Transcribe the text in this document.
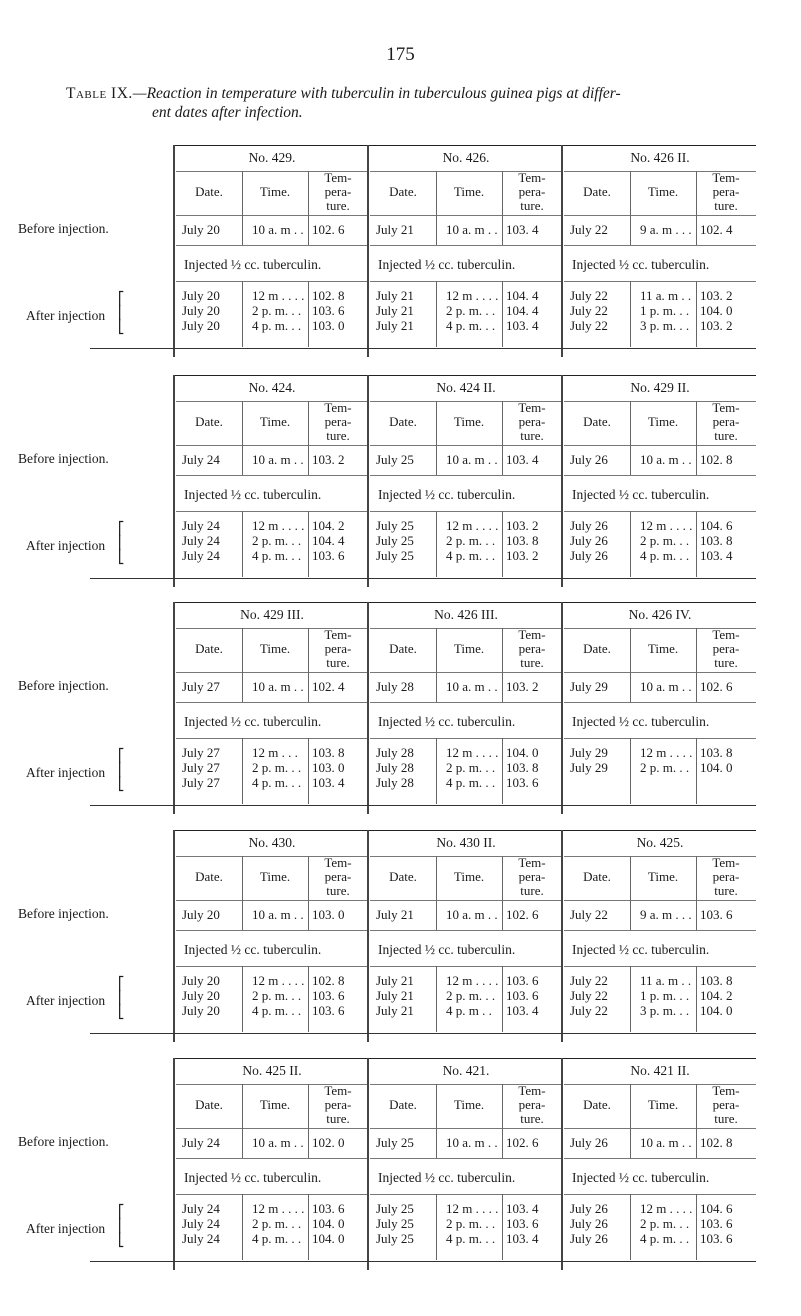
175
Table IX.—Reaction in temperature with tuberculin in tuberculous guinea pigs at differ-
ent dates after infection.
Before injection.
After injection
⎡
⎢
⎣
No. 429.
Date.	Time.
Tem-
pera-
ture.
July 20 10 a. m . . 102. 6
Injected ½ cc. tuberculin.
July 20 12 m . . . . 102. 8
July 20 2 p. m. . . 103. 6
July 20 4 p. m. . . 103. 0
No. 426.
Date.	Time.
Tem-
pera-
ture.
July 21 10 a. m . . 103. 4
Injected ½ cc. tuberculin.
July 21 12 m . . . . 104. 4
July 21 2 p. m. . . 104. 4
July 21 4 p. m. . . 103. 4
No. 426 II.
Date.	Time.
Tem-
pera-
ture.
July 22 9 a. m . . . 102. 4
Injected ½ cc. tuberculin.
July 22 11 a. m . . 103. 2
July 22 1 p. m. . . 104. 0
July 22 3 p. m. . . 103. 2
Before injection.
After injection
⎡
⎢
⎣
No. 424.
Date.	Time.
Tem-
pera-
ture.
July 24 10 a. m . . 103. 2
Injected ½ cc. tuberculin.
July 24 12 m . . . . 104. 2
July 24 2 p. m. . . 104. 4
July 24 4 p. m. . . 103. 6
No. 424 II.
Date.	Time.
Tem-
pera-
ture.
July 25 10 a. m . . 103. 4
Injected ½ cc. tuberculin.
July 25 12 m . . . . 103. 2
July 25 2 p. m. . . 103. 8
July 25 4 p. m. . . 103. 2
No. 429 II.
Date.	Time.
Tem-
pera-
ture.
July 26 10 a. m . . 102. 8
Injected ½ cc. tuberculin.
July 26 12 m . . . . 104. 6
July 26 2 p. m. . . 103. 8
July 26 4 p. m. . . 103. 4
Before injection.
After injection
⎡
⎢
⎣
No. 429 III.
Date.	Time.
Tem-
pera-
ture.
July 27 10 a. m . . 102. 4
Injected ½ cc. tuberculin.
July 27 12 m . . . 103. 8
July 27 2 p. m. . . 103. 0
July 27 4 p. m. . . 103. 4
No. 426 III.
Date.	Time.
Tem-
pera-
ture.
July 28 10 a. m . . 103. 2
Injected ½ cc. tuberculin.
July 28 12 m . . . . 104. 0
July 28 2 p. m. . . 103. 8
July 28 4 p. m. . . 103. 6
No. 426 IV.
Date.	Time.
Tem-
pera-
ture.
July 29 10 a. m . . 102. 6
Injected ½ cc. tuberculin.
July 29 12 m . . . . 103. 8
July 29 2 p. m. . . 104. 0
Before injection.
After injection
⎡
⎢
⎣
No. 430.
Date.	Time.
Tem-
pera-
ture.
July 20 10 a. m . . 103. 0
Injected ½ cc. tuberculin.
July 20 12 m . . . . 102. 8
July 20 2 p. m. . . 103. 6
July 20 4 p. m. . . 103. 6
No. 430 II.
Date.	Time.
Tem-
pera-
ture.
July 21 10 a. m . . 102. 6
Injected ½ cc. tuberculin.
July 21 12 m . . . . 103. 6
July 21 2 p. m. . . 103. 6
July 21 4 p. m . . 103. 4
No. 425.
Date.	Time.
Tem-
pera-
ture.
July 22 9 a. m . . . 103. 6
Injected ½ cc. tuberculin.
July 22 11 a. m . . 103. 8
July 22 1 p. m. . . 104. 2
July 22 3 p. m. . . 104. 0
Before injection.
After injection
⎡
⎢
⎣
No. 425 II.
Date.	Time.
Tem-
pera-
ture.
July 24 10 a. m . . 102. 0
Injected ½ cc. tuberculin.
July 24 12 m . . . . 103. 6
July 24 2 p. m. . . 104. 0
July 24 4 p. m. . . 104. 0
No. 421.
Date.	Time.
Tem-
pera-
ture.
July 25 10 a. m . . 102. 6
Injected ½ cc. tuberculin.
July 25 12 m . . . . 103. 4
July 25 2 p. m. . . 103. 6
July 25 4 p. m. . . 103. 4
No. 421 II.
Date.	Time.
Tem-
pera-
ture.
July 26 10 a. m . . 102. 8
Injected ½ cc. tuberculin.
July 26 12 m . . . . 104. 6
July 26 2 p. m. . . 103. 6
July 26 4 p. m. . . 103. 6
